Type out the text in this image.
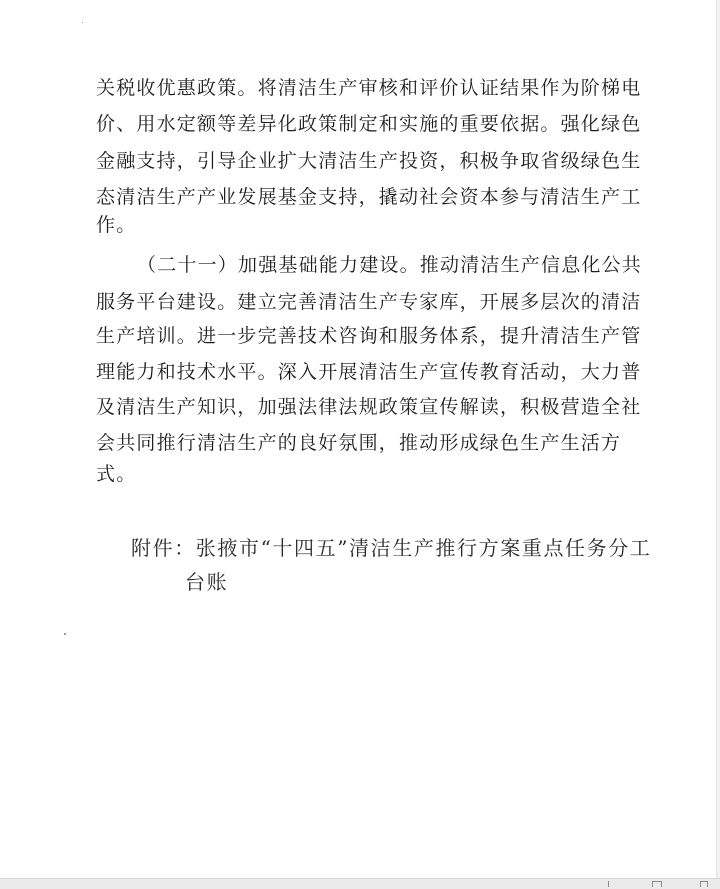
关税收优惠政策。将清洁生产审核和评价认证结果作为阶梯电
价、用水定额等差异化政策制定和实施的重要依据。强化绿色
金融支持，引导企业扩大清洁生产投资，积极争取省级绿色生
态清洁生产产业发展基金支持，撬动社会资本参与清洁生产工
作。
（二十一）加强基础能力建设。推动清洁生产信息化公共
服务平台建设。建立完善清洁生产专家库，开展多层次的清洁
生产培训。进一步完善技术咨询和服务体系，提升清洁生产管
理能力和技术水平。深入开展清洁生产宣传教育活动，大力普
及清洁生产知识，加强法律法规政策宣传解读，积极营造全社
会共同推行清洁生产的良好氛围，推动形成绿色生产生活方
式。
附件：张掖市“十四五”清洁生产推行方案重点任务分工
台账
